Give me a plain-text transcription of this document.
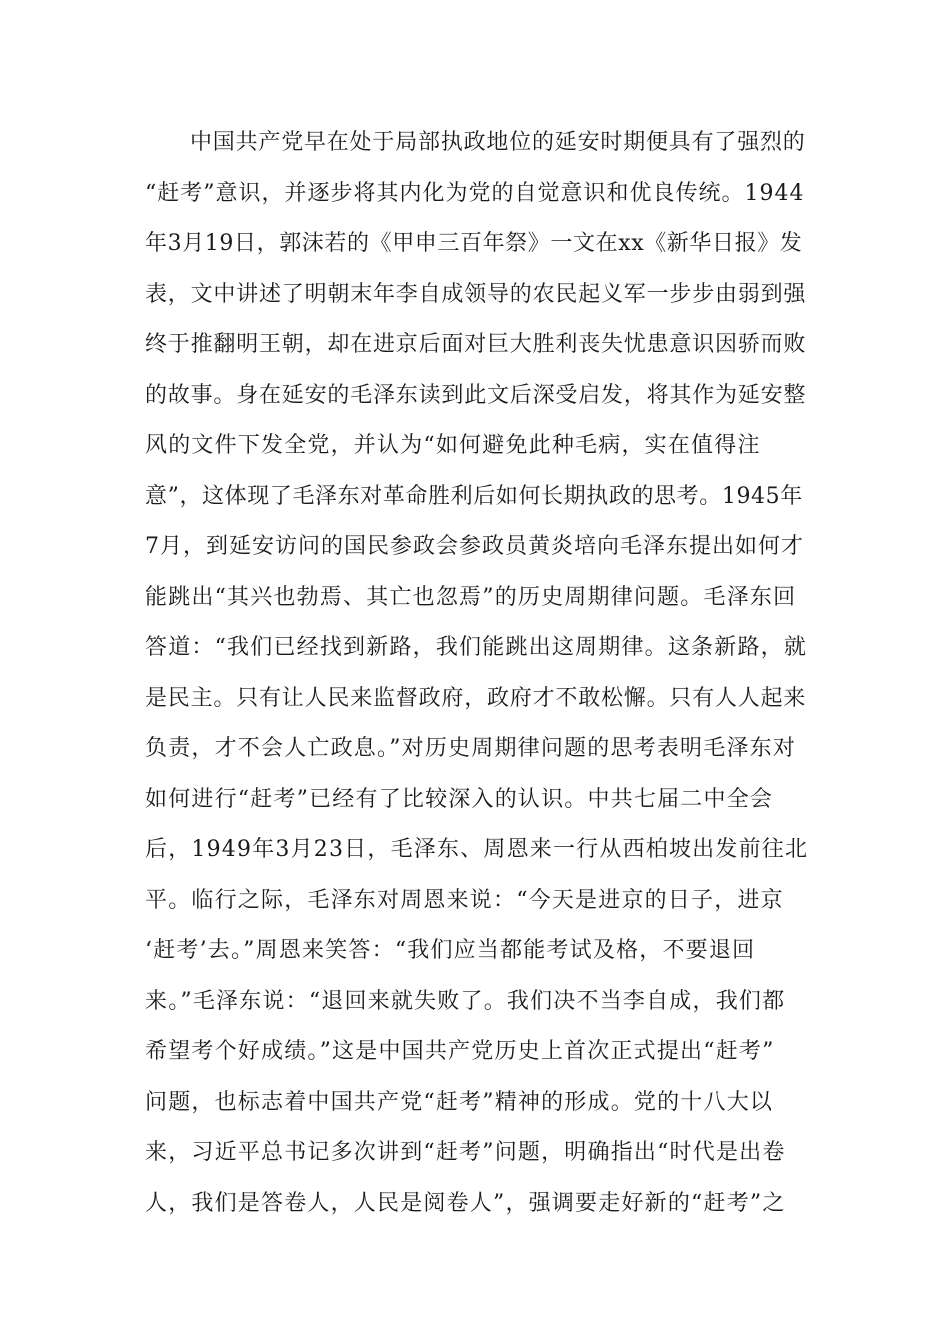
中国共产党早在处于局部执政地位的延安时期便具有了强烈的
“赶考”意识，并逐步将其内化为党的自觉意识和优良传统。1944
年3月19日，郭沫若的《甲申三百年祭》一文在xx《新华日报》发
表，文中讲述了明朝末年李自成领导的农民起义军一步步由弱到强
终于推翻明王朝，却在进京后面对巨大胜利丧失忧患意识因骄而败
的故事。身在延安的毛泽东读到此文后深受启发，将其作为延安整
风的文件下发全党，并认为“如何避免此种毛病，实在值得注
意”，这体现了毛泽东对革命胜利后如何长期执政的思考。1945年
7月，到延安访问的国民参政会参政员黄炎培向毛泽东提出如何才
能跳出“其兴也勃焉、其亡也忽焉”的历史周期律问题。毛泽东回
答道：“我们已经找到新路，我们能跳出这周期律。这条新路，就
是民主。只有让人民来监督政府，政府才不敢松懈。只有人人起来
负责，才不会人亡政息。”对历史周期律问题的思考表明毛泽东对
如何进行“赶考”已经有了比较深入的认识。中共七届二中全会
后，1949年3月23日，毛泽东、周恩来一行从西柏坡出发前往北
平。临行之际，毛泽东对周恩来说：“今天是进京的日子，进京
‘赶考’去。”周恩来笑答：“我们应当都能考试及格，不要退回
来。”毛泽东说：“退回来就失败了。我们决不当李自成，我们都
希望考个好成绩。”这是中国共产党历史上首次正式提出“赶考”
问题，也标志着中国共产党“赶考”精神的形成。党的十八大以
来，习近平总书记多次讲到“赶考”问题，明确指出“时代是出卷
人，我们是答卷人，人民是阅卷人”，强调要走好新的“赶考”之
